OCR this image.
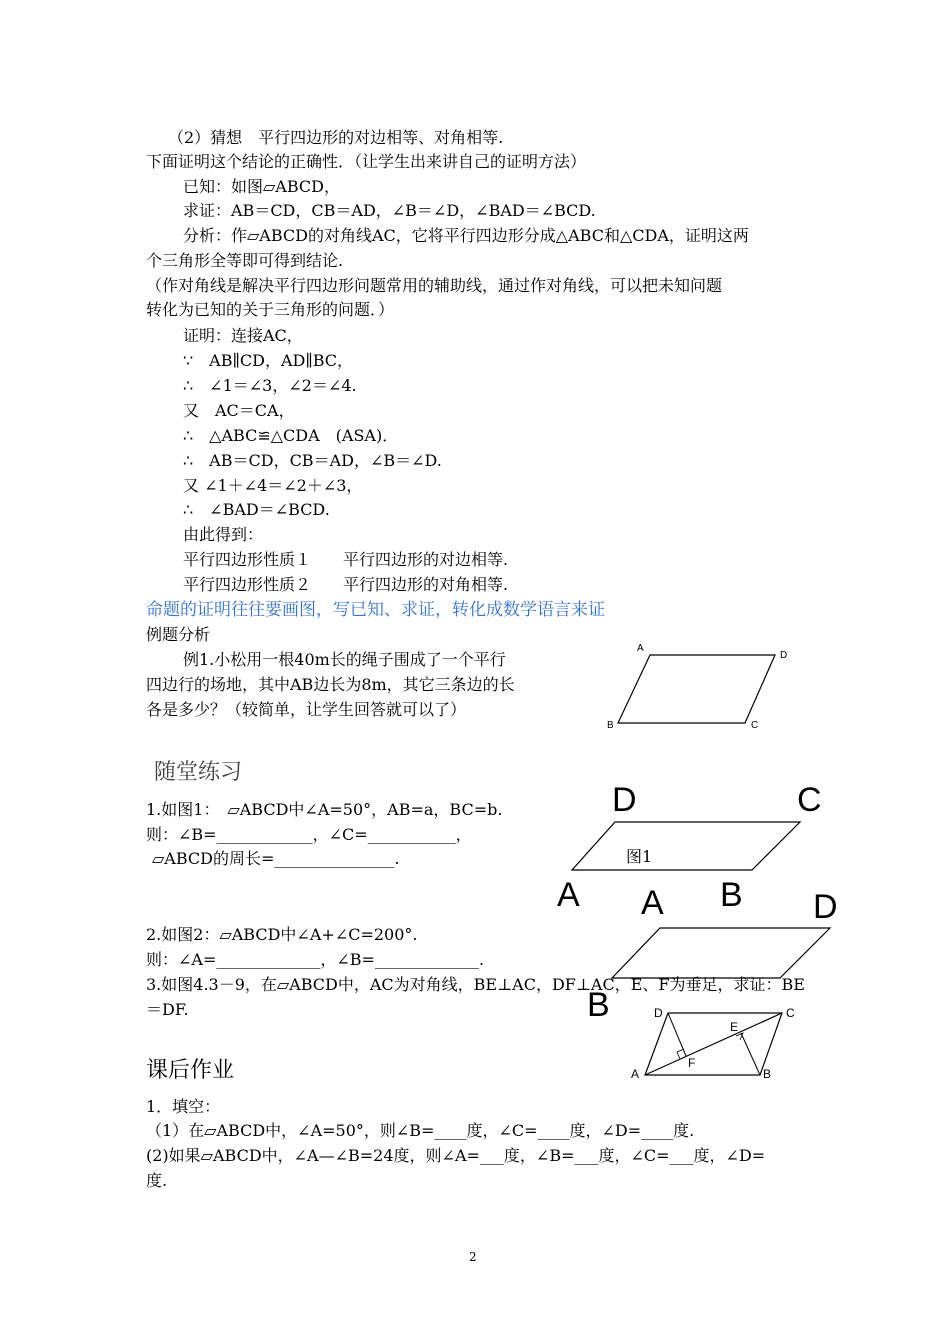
（2）猜想　平行四边形的对边相等、对角相等.
下面证明这个结论的正确性．（让学生出来讲自己的证明方法）
已知：如图▱ABCD，
求证：AB＝CD，CB＝AD，∠B＝∠D，∠BAD＝∠BCD.
分析：作▱ABCD的对角线AC，它将平行四边形分成△ABC和△CDA，证明这两
个三角形全等即可得到结论.
（作对角线是解决平行四边形问题常用的辅助线，通过作对角线，可以把未知问题
转化为已知的关于三角形的问题．）
证明：连接AC，
∵　AB∥CD，AD∥BC，
∴　∠1＝∠3，∠2＝∠4.
又　AC＝CA，
∴　△ABC≌△CDA　(ASA)．
∴　AB＝CD，CB＝AD，∠B＝∠D.
又 ∠1＋∠4＝∠2＋∠3，
∴　∠BAD＝∠BCD.
由此得到：
平行四边形性质１　　平行四边形的对边相等.
平行四边形性质２　　平行四边形的对角相等.
命题的证明往往要画图，写已知、求证，转化成数学语言来证
例题分析
例1.小松用一根40m长的绳子围成了一个平行
四边行的场地，其中AB边长为8m，其它三条边的长
各是多少？（较简单，让学生回答就可以了）
A
D
B	C
随堂练习
1.如图1：　▱ABCD中∠A=50°，AB=a，BC=b.
则：∠B=____________，∠C=___________，
▱ABCD的周长=_______________.
D	C
图1
A	B
A	D
B
2.如图2：▱ABCD中∠A+∠C=200°.
则：∠A=_____________，∠B=_____________.
3.如图4.3－9，在▱ABCD中，AC为对角线，BE⊥AC，DF⊥AC，E、F为垂足，求证：BE
＝DF.	D	C
E
F
A	B
课后作业
1．填空：
（1）在▱ABCD中，∠A=50°，则∠B=____度，∠C=____度，∠D=____度.
(2)如果▱ABCD中，∠A—∠B=24度，则∠A=___度，∠B=___度，∠C=___度，∠D=
度.
2
